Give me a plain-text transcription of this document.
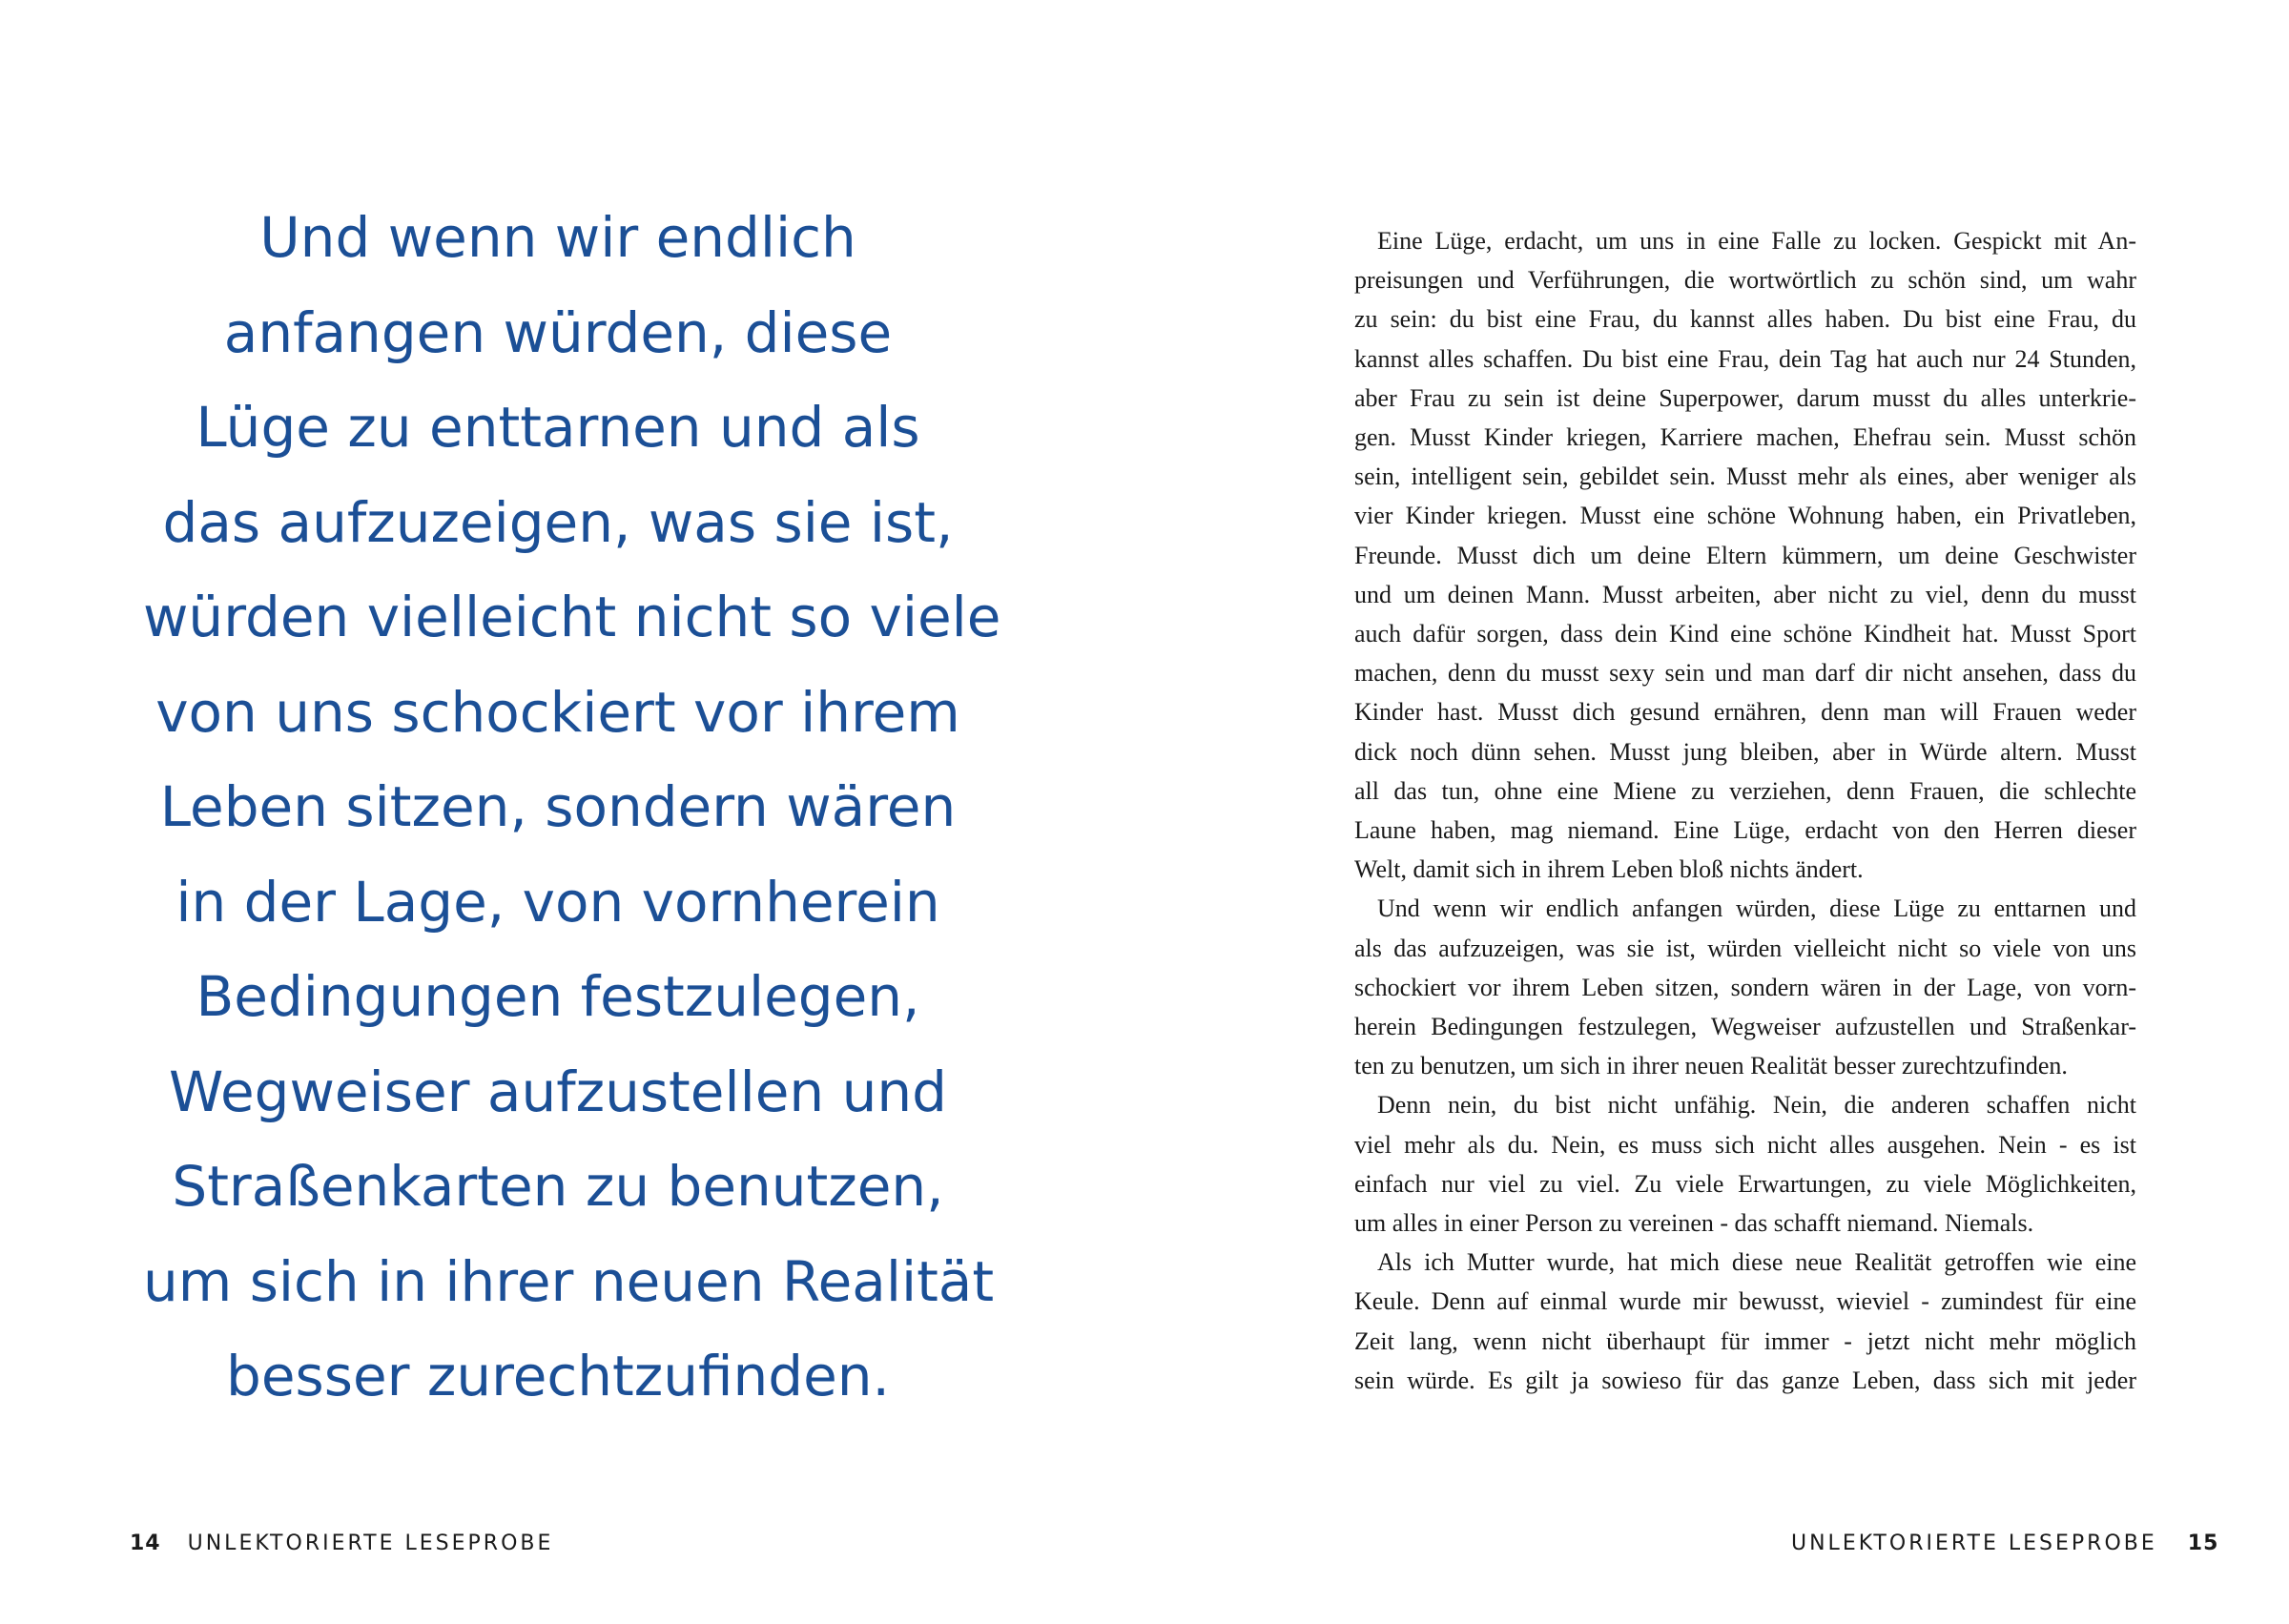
Und wenn wir endlich
anfangen würden, diese
Lüge zu enttarnen und als
das aufzuzeigen, was sie ist,
würden vielleicht nicht so viele
von uns schockiert vor ihrem
Leben sitzen, sondern wären
in der Lage, von vornherein
Bedingungen festzulegen,
Wegweiser aufzustellen und
Straßenkarten zu benutzen,
um sich in ihrer neuen Realität
besser zurechtzufinden.
14 UNLEKTORIERTE LESEPROBE
Eine Lüge, erdacht, um uns in eine Falle zu locken. Gespickt mit An-
preisungen und Verführungen, die wortwörtlich zu schön sind, um wahr
zu sein: du bist eine Frau, du kannst alles haben. Du bist eine Frau, du
kannst alles schaffen. Du bist eine Frau, dein Tag hat auch nur 24 Stunden,
aber Frau zu sein ist deine Superpower, darum musst du alles unterkrie-
gen. Musst Kinder kriegen, Karriere machen, Ehefrau sein. Musst schön
sein, intelligent sein, gebildet sein. Musst mehr als eines, aber weniger als
vier Kinder kriegen. Musst eine schöne Wohnung haben, ein Privatleben,
Freunde. Musst dich um deine Eltern kümmern, um deine Geschwister
und um deinen Mann. Musst arbeiten, aber nicht zu viel, denn du musst
auch dafür sorgen, dass dein Kind eine schöne Kindheit hat. Musst Sport
machen, denn du musst sexy sein und man darf dir nicht ansehen, dass du
Kinder hast. Musst dich gesund ernähren, denn man will Frauen weder
dick noch dünn sehen. Musst jung bleiben, aber in Würde altern. Musst
all das tun, ohne eine Miene zu verziehen, denn Frauen, die schlechte
Laune haben, mag niemand. Eine Lüge, erdacht von den Herren dieser
Welt, damit sich in ihrem Leben bloß nichts ändert.
Und wenn wir endlich anfangen würden, diese Lüge zu enttarnen und
als das aufzuzeigen, was sie ist, würden vielleicht nicht so viele von uns
schockiert vor ihrem Leben sitzen, sondern wären in der Lage, von vorn-
herein Bedingungen festzulegen, Wegweiser aufzustellen und Straßenkar-
ten zu benutzen, um sich in ihrer neuen Realität besser zurechtzufinden.
Denn nein, du bist nicht unfähig. Nein, die anderen schaffen nicht
viel mehr als du. Nein, es muss sich nicht alles ausgehen. Nein - es ist
einfach nur viel zu viel. Zu viele Erwartungen, zu viele Möglichkeiten,
um alles in einer Person zu vereinen - das schafft niemand. Niemals.
Als ich Mutter wurde, hat mich diese neue Realität getroffen wie eine
Keule. Denn auf einmal wurde mir bewusst, wieviel - zumindest für eine
Zeit lang, wenn nicht überhaupt für immer - jetzt nicht mehr möglich
sein würde. Es gilt ja sowieso für das ganze Leben, dass sich mit jeder
UNLEKTORIERTE LESEPROBE 15
